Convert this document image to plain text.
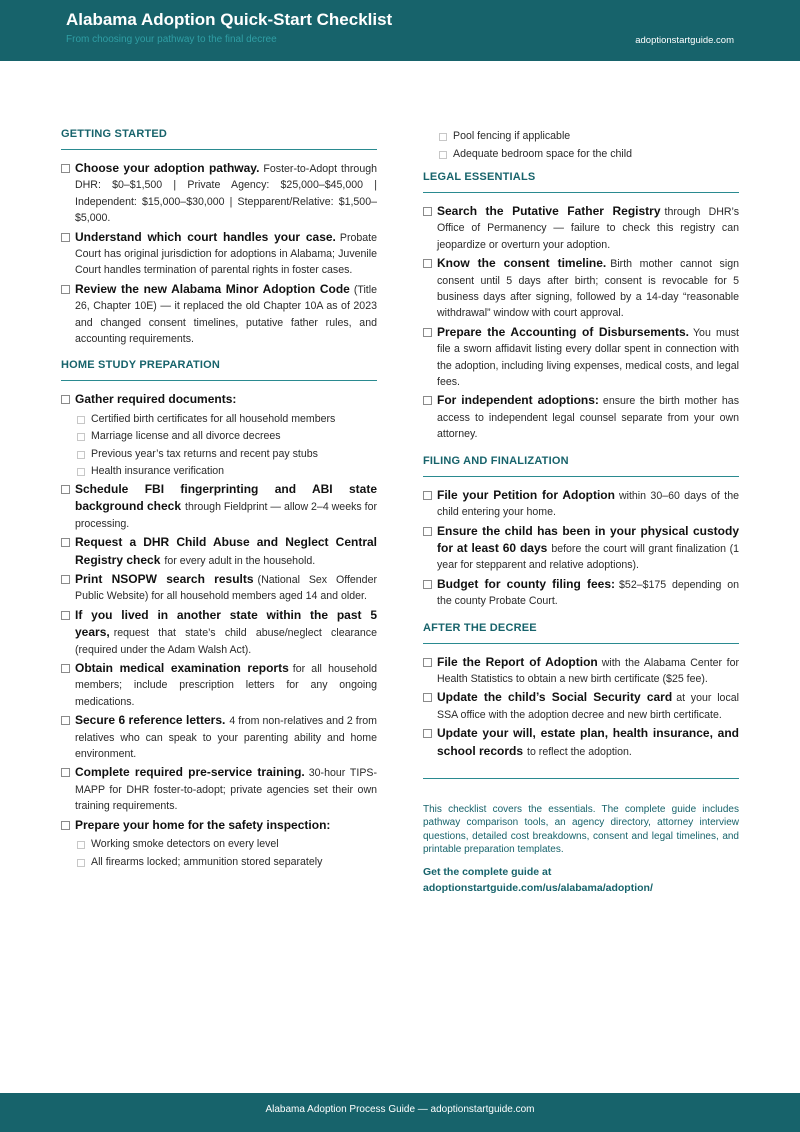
Alabama Adoption Quick-Start Checklist
From choosing your pathway to the final decree	adoptionstartguide.com
GETTING STARTED
Choose your adoption pathway. Foster-to-Adopt through DHR: $0–$1,500 | Private Agency: $25,000–$45,000 | Independent: $15,000–$30,000 | Stepparent/Relative: $1,500–$5,000.
Understand which court handles your case. Probate Court has original jurisdiction for adoptions in Alabama; Juvenile Court handles termination of parental rights in foster cases.
Review the new Alabama Minor Adoption Code (Title 26, Chapter 10E) — it replaced the old Chapter 10A as of 2023 and changed consent timelines, putative father rules, and accounting requirements.
HOME STUDY PREPARATION
Gather required documents:
Certified birth certificates for all household members
Marriage license and all divorce decrees
Previous year’s tax returns and recent pay stubs
Health insurance verification
Schedule FBI fingerprinting and ABI state background check through Fieldprint — allow 2–4 weeks for processing.
Request a DHR Child Abuse and Neglect Central Registry check for every adult in the household.
Print NSOPW search results (National Sex Offender Public Website) for all household members aged 14 and older.
If you lived in another state within the past 5 years, request that state’s child abuse/neglect clearance (required under the Adam Walsh Act).
Obtain medical examination reports for all household members; include prescription letters for any ongoing medications.
Secure 6 reference letters. 4 from non-relatives and 2 from relatives who can speak to your parenting ability and home environment.
Complete required pre-service training. 30-hour TIPS-MAPP for DHR foster-to-adopt; private agencies set their own training requirements.
Prepare your home for the safety inspection:
Working smoke detectors on every level
All firearms locked; ammunition stored separately
Pool fencing if applicable
Adequate bedroom space for the child
LEGAL ESSENTIALS
Search the Putative Father Registry through DHR’s Office of Permanency — failure to check this registry can jeopardize or overturn your adoption.
Know the consent timeline. Birth mother cannot sign consent until 5 days after birth; consent is revocable for 5 business days after signing, followed by a 14-day “reasonable withdrawal” window with court approval.
Prepare the Accounting of Disbursements. You must file a sworn affidavit listing every dollar spent in connection with the adoption, including living expenses, medical costs, and legal fees.
For independent adoptions: ensure the birth mother has access to independent legal counsel separate from your own attorney.
FILING AND FINALIZATION
File your Petition for Adoption within 30–60 days of the child entering your home.
Ensure the child has been in your physical custody for at least 60 days before the court will grant finalization (1 year for stepparent and relative adoptions).
Budget for county filing fees: $52–$175 depending on the county Probate Court.
AFTER THE DECREE
File the Report of Adoption with the Alabama Center for Health Statistics to obtain a new birth certificate ($25 fee).
Update the child’s Social Security card at your local SSA office with the adoption decree and new birth certificate.
Update your will, estate plan, health insurance, and school records to reflect the adoption.
This checklist covers the essentials. The complete guide includes pathway comparison tools, an agency directory, attorney interview questions, detailed cost breakdowns, consent and legal timelines, and printable preparation templates.
Get the complete guide at
adoptionstartguide.com/us/alabama/adoption/
Alabama Adoption Process Guide — adoptionstartguide.com
